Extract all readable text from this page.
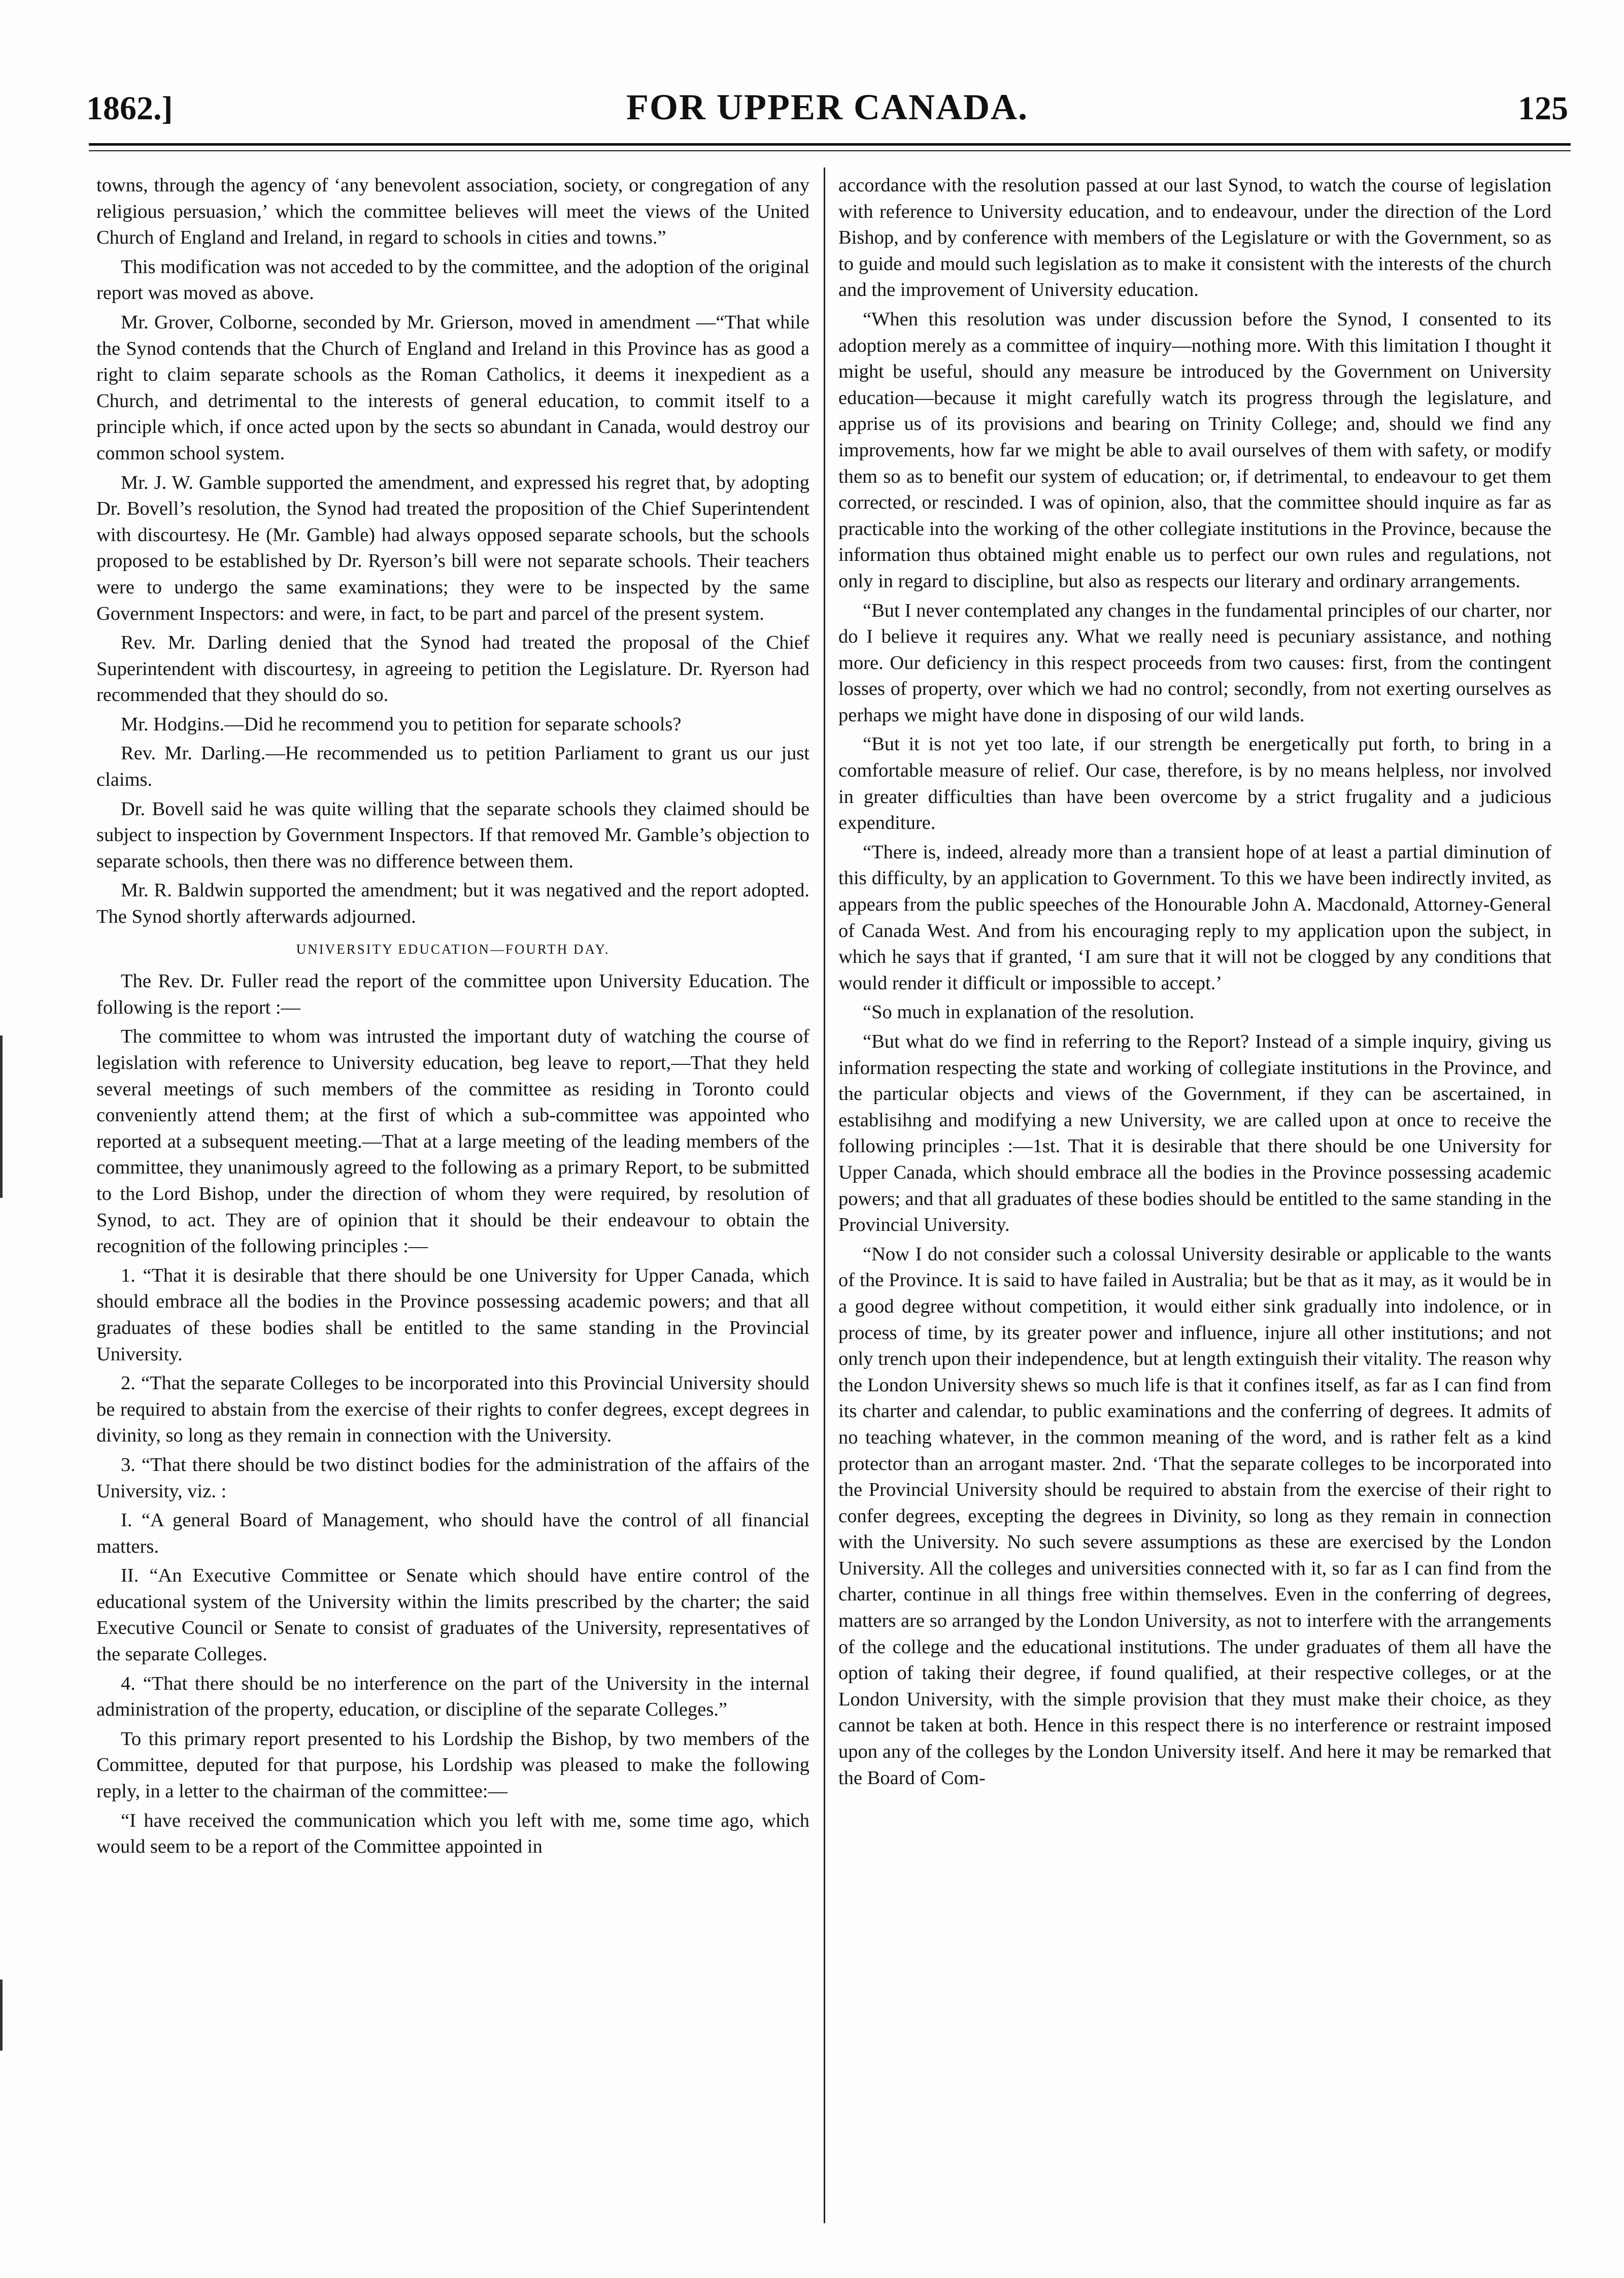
1862.]	FOR UPPER CANADA.	125

towns, through the agency of ‘any benevolent association, society, or congregation of any religious persuasion,’ which the committee believes will meet the views of the United Church of England and Ireland, in regard to schools in cities and towns.”

This modification was not acceded to by the committee, and the adoption of the original report was moved as above.

Mr. Grover, Colborne, seconded by Mr. Grierson, moved in amendment —“That while the Synod contends that the Church of England and Ireland in this Province has as good a right to claim separate schools as the Roman Catholics, it deems it inexpedient as a Church, and detrimental to the interests of general education, to commit itself to a principle which, if once acted upon by the sects so abundant in Canada, would destroy our common school system.

Mr. J. W. Gamble supported the amendment, and expressed his regret that, by adopting Dr. Bovell’s resolution, the Synod had treated the proposition of the Chief Superintendent with discourtesy. He (Mr. Gamble) had always opposed separate schools, but the schools proposed to be established by Dr. Ryerson’s bill were not separate schools. Their teachers were to undergo the same examinations; they were to be inspected by the same Government Inspectors: and were, in fact, to be part and parcel of the present system.

Rev. Mr. Darling denied that the Synod had treated the proposal of the Chief Superintendent with discourtesy, in agreeing to petition the Legislature. Dr. Ryerson had recommended that they should do so.

Mr. Hodgins.—Did he recommend you to petition for separate schools?

Rev. Mr. Darling.—He recommended us to petition Parliament to grant us our just claims.

Dr. Bovell said he was quite willing that the separate schools they claimed should be subject to inspection by Government Inspectors. If that removed Mr. Gamble’s objection to separate schools, then there was no difference between them.

Mr. R. Baldwin supported the amendment; but it was negatived and the report adopted. The Synod shortly afterwards adjourned.

UNIVERSITY EDUCATION—FOURTH DAY.

The Rev. Dr. Fuller read the report of the committee upon University Education. The following is the report :—

The committee to whom was intrusted the important duty of watching the course of legislation with reference to University education, beg leave to report,—That they held several meetings of such members of the committee as residing in Toronto could conveniently attend them; at the first of which a sub-committee was appointed who reported at a subsequent meeting.—That at a large meeting of the leading members of the committee, they unanimously agreed to the following as a primary Report, to be submitted to the Lord Bishop, under the direction of whom they were required, by resolution of Synod, to act. They are of opinion that it should be their endeavour to obtain the recognition of the following principles :—

1. “That it is desirable that there should be one University for Upper Canada, which should embrace all the bodies in the Province possessing academic powers; and that all graduates of these bodies shall be entitled to the same standing in the Provincial University.

2. “That the separate Colleges to be incorporated into this Provincial University should be required to abstain from the exercise of their rights to confer degrees, except degrees in divinity, so long as they remain in connection with the University.

3. “That there should be two distinct bodies for the administration of the affairs of the University, viz. :

I. “A general Board of Management, who should have the control of all financial matters.

II. “An Executive Committee or Senate which should have entire control of the educational system of the University within the limits prescribed by the charter; the said Executive Council or Senate to consist of graduates of the University, representatives of the separate Colleges.

4. “That there should be no interference on the part of the University in the internal administration of the property, education, or discipline of the separate Colleges.”

To this primary report presented to his Lordship the Bishop, by two members of the Committee, deputed for that purpose, his Lordship was pleased to make the following reply, in a letter to the chairman of the committee:—

“I have received the communication which you left with me, some time ago, which would seem to be a report of the Committee appointed in

accordance with the resolution passed at our last Synod, to watch the course of legislation with reference to University education, and to endeavour, under the direction of the Lord Bishop, and by conference with members of the Legislature or with the Government, so as to guide and mould such legislation as to make it consistent with the interests of the church and the improvement of University education.

“When this resolution was under discussion before the Synod, I consented to its adoption merely as a committee of inquiry—nothing more. With this limitation I thought it might be useful, should any measure be introduced by the Government on University education—because it might carefully watch its progress through the legislature, and apprise us of its provisions and bearing on Trinity College; and, should we find any improvements, how far we might be able to avail ourselves of them with safety, or modify them so as to benefit our system of education; or, if detrimental, to endeavour to get them corrected, or rescinded. I was of opinion, also, that the committee should inquire as far as practicable into the working of the other collegiate institutions in the Province, because the information thus obtained might enable us to perfect our own rules and regulations, not only in regard to discipline, but also as respects our literary and ordinary arrangements.

“But I never contemplated any changes in the fundamental principles of our charter, nor do I believe it requires any. What we really need is pecuniary assistance, and nothing more. Our deficiency in this respect proceeds from two causes: first, from the contingent losses of property, over which we had no control; secondly, from not exerting ourselves as perhaps we might have done in disposing of our wild lands.

“But it is not yet too late, if our strength be energetically put forth, to bring in a comfortable measure of relief. Our case, therefore, is by no means helpless, nor involved in greater difficulties than have been overcome by a strict frugality and a judicious expenditure.

“There is, indeed, already more than a transient hope of at least a partial diminution of this difficulty, by an application to Government. To this we have been indirectly invited, as appears from the public speeches of the Honourable John A. Macdonald, Attorney-General of Canada West. And from his encouraging reply to my application upon the subject, in which he says that if granted, ‘I am sure that it will not be clogged by any conditions that would render it difficult or impossible to accept.’

“So much in explanation of the resolution.

“But what do we find in referring to the Report? Instead of a simple inquiry, giving us information respecting the state and working of collegiate institutions in the Province, and the particular objects and views of the Government, if they can be ascertained, in establisihng and modifying a new University, we are called upon at once to receive the following principles :—1st. That it is desirable that there should be one University for Upper Canada, which should embrace all the bodies in the Province possessing academic powers; and that all graduates of these bodies should be entitled to the same standing in the Provincial University.

“Now I do not consider such a colossal University desirable or applicable to the wants of the Province. It is said to have failed in Australia; but be that as it may, as it would be in a good degree without competition, it would either sink gradually into indolence, or in process of time, by its greater power and influence, injure all other institutions; and not only trench upon their independence, but at length extinguish their vitality. The reason why the London University shews so much life is that it confines itself, as far as I can find from its charter and calendar, to public examinations and the conferring of degrees. It admits of no teaching whatever, in the common meaning of the word, and is rather felt as a kind protector than an arrogant master. 2nd. ‘That the separate colleges to be incorporated into the Provincial University should be required to abstain from the exercise of their right to confer degrees, excepting the degrees in Divinity, so long as they remain in connection with the University. No such severe assumptions as these are exercised by the London University. All the colleges and universities connected with it, so far as I can find from the charter, continue in all things free within themselves. Even in the conferring of degrees, matters are so arranged by the London University, as not to interfere with the arrangements of the college and the educational institutions. The under graduates of them all have the option of taking their degree, if found qualified, at their respective colleges, or at the London University, with the simple provision that they must make their choice, as they cannot be taken at both. Hence in this respect there is no interference or restraint imposed upon any of the colleges by the London University itself. And here it may be remarked that the Board of Com-
